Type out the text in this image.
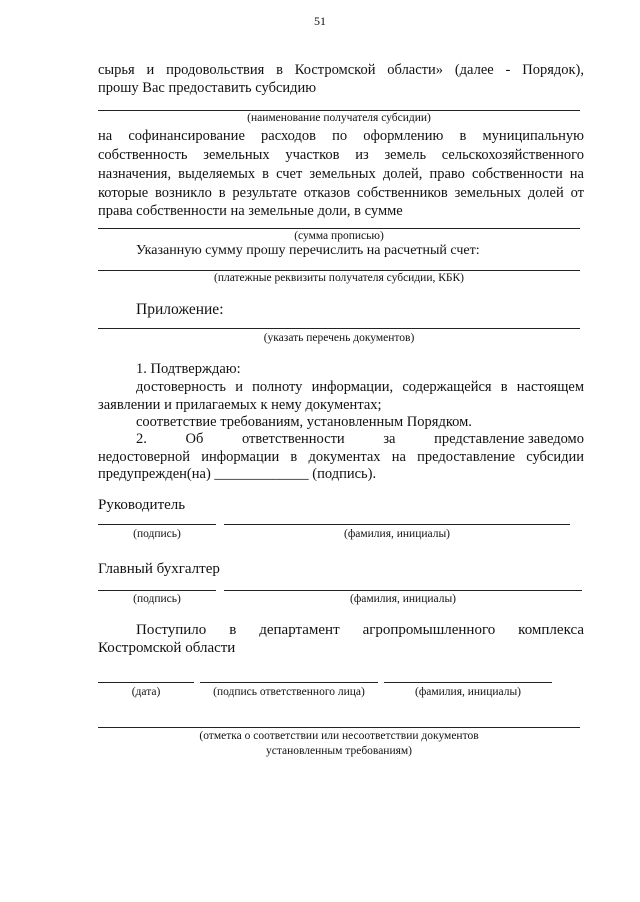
51
сырья и продовольствия в Костромской области» (далее - Порядок),
прошу Вас предоставить субсидию
(наименование получателя субсидии)
на софинансирование расходов по оформлению в муниципальную
собственность земельных участков из земель сельскохозяйственного
назначения, выделяемых в счет земельных долей, право собственности на
которые возникло в результате отказов собственников земельных долей от
права собственности на земельные доли, в сумме
(сумма прописью)
Указанную сумму прошу перечислить на расчетный счет:
(платежные реквизиты получателя субсидии, КБК)
Приложение:
(указать перечень документов)
1. Подтверждаю:
достоверность и полноту информации, содержащейся в настоящем
заявлении и прилагаемых к нему документах;
соответствие требованиям, установленным Порядком.
2.	Об	ответственности	за	представление заведомо
недостоверной информации в документах на предоставление субсидии
предупрежден(на) _____________ (подпись).
Руководитель
(подпись)	(фамилия, инициалы)
Главный бухгалтер
(подпись)	(фамилия, инициалы)
Поступило в департамент агропромышленного комплекса
Костромской области
(дата)	(подпись ответственного лица)	(фамилия, инициалы)
(отметка о соответствии или несоответствии документов
установленным требованиям)
